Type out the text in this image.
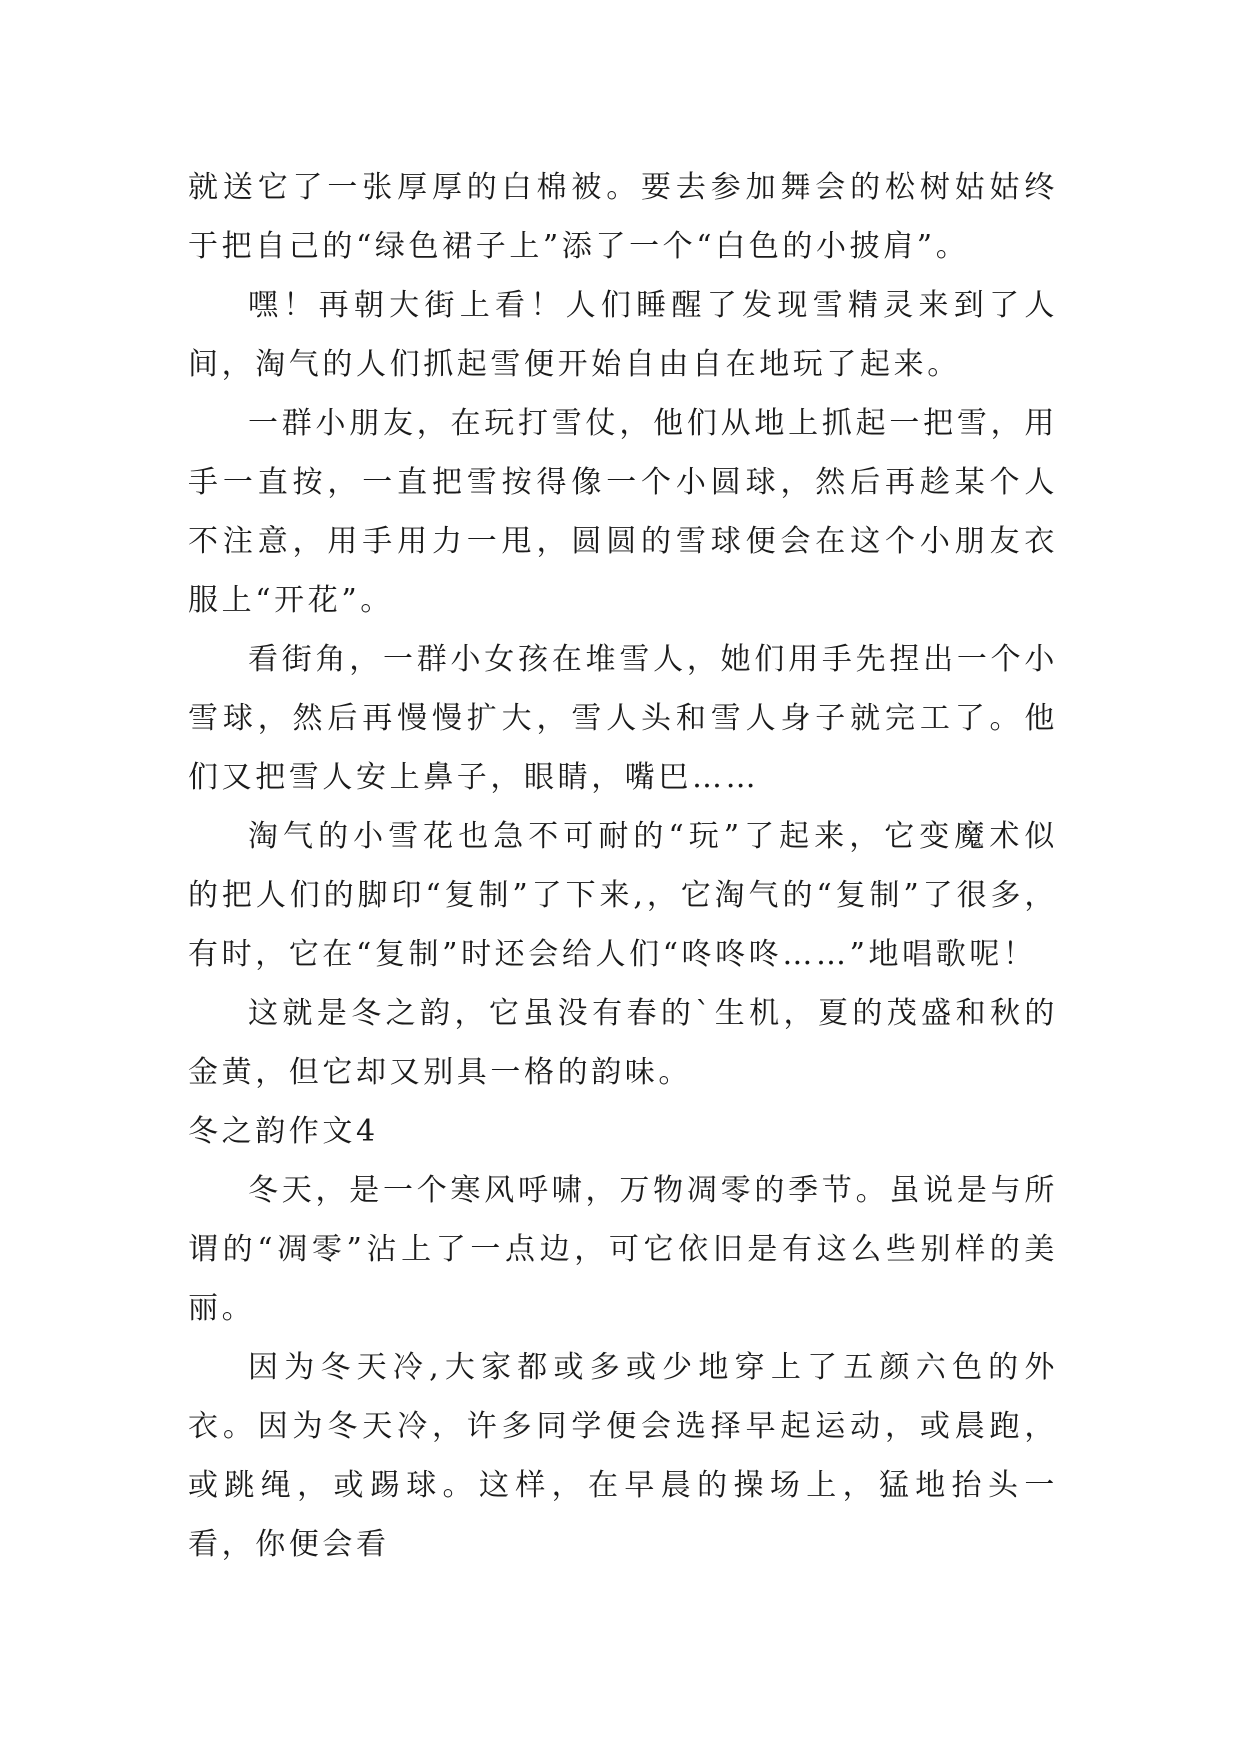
就送它了一张厚厚的白棉被。要去参加舞会的松树姑姑终于把自己的“绿色裙子上”添了一个“白色的小披肩”。

嘿！再朝大街上看！人们睡醒了发现雪精灵来到了人间，淘气的人们抓起雪便开始自由自在地玩了起来。

一群小朋友，在玩打雪仗，他们从地上抓起一把雪，用手一直按，一直把雪按得像一个小圆球，然后再趁某个人不注意，用手用力一甩，圆圆的雪球便会在这个小朋友衣服上“开花”。

看街角，一群小女孩在堆雪人，她们用手先捏出一个小雪球，然后再慢慢扩大，雪人头和雪人身子就完工了。他们又把雪人安上鼻子，眼睛，嘴巴……

淘气的小雪花也急不可耐的“玩”了起来，它变魔术似的把人们的脚印“复制”了下来,，它淘气的“复制”了很多，有时，它在“复制”时还会给人们“咚咚咚……”地唱歌呢！

这就是冬之韵，它虽没有春的`生机，夏的茂盛和秋的金黄，但它却又别具一格的韵味。

冬之韵作文4

冬天，是一个寒风呼啸，万物凋零的季节。虽说是与所谓的“凋零”沾上了一点边，可它依旧是有这么些别样的美丽。

因为冬天冷,大家都或多或少地穿上了五颜六色的外衣。因为冬天冷，许多同学便会选择早起运动，或晨跑，或跳绳，或踢球。这样，在早晨的操场上，猛地抬头一看，你便会看
